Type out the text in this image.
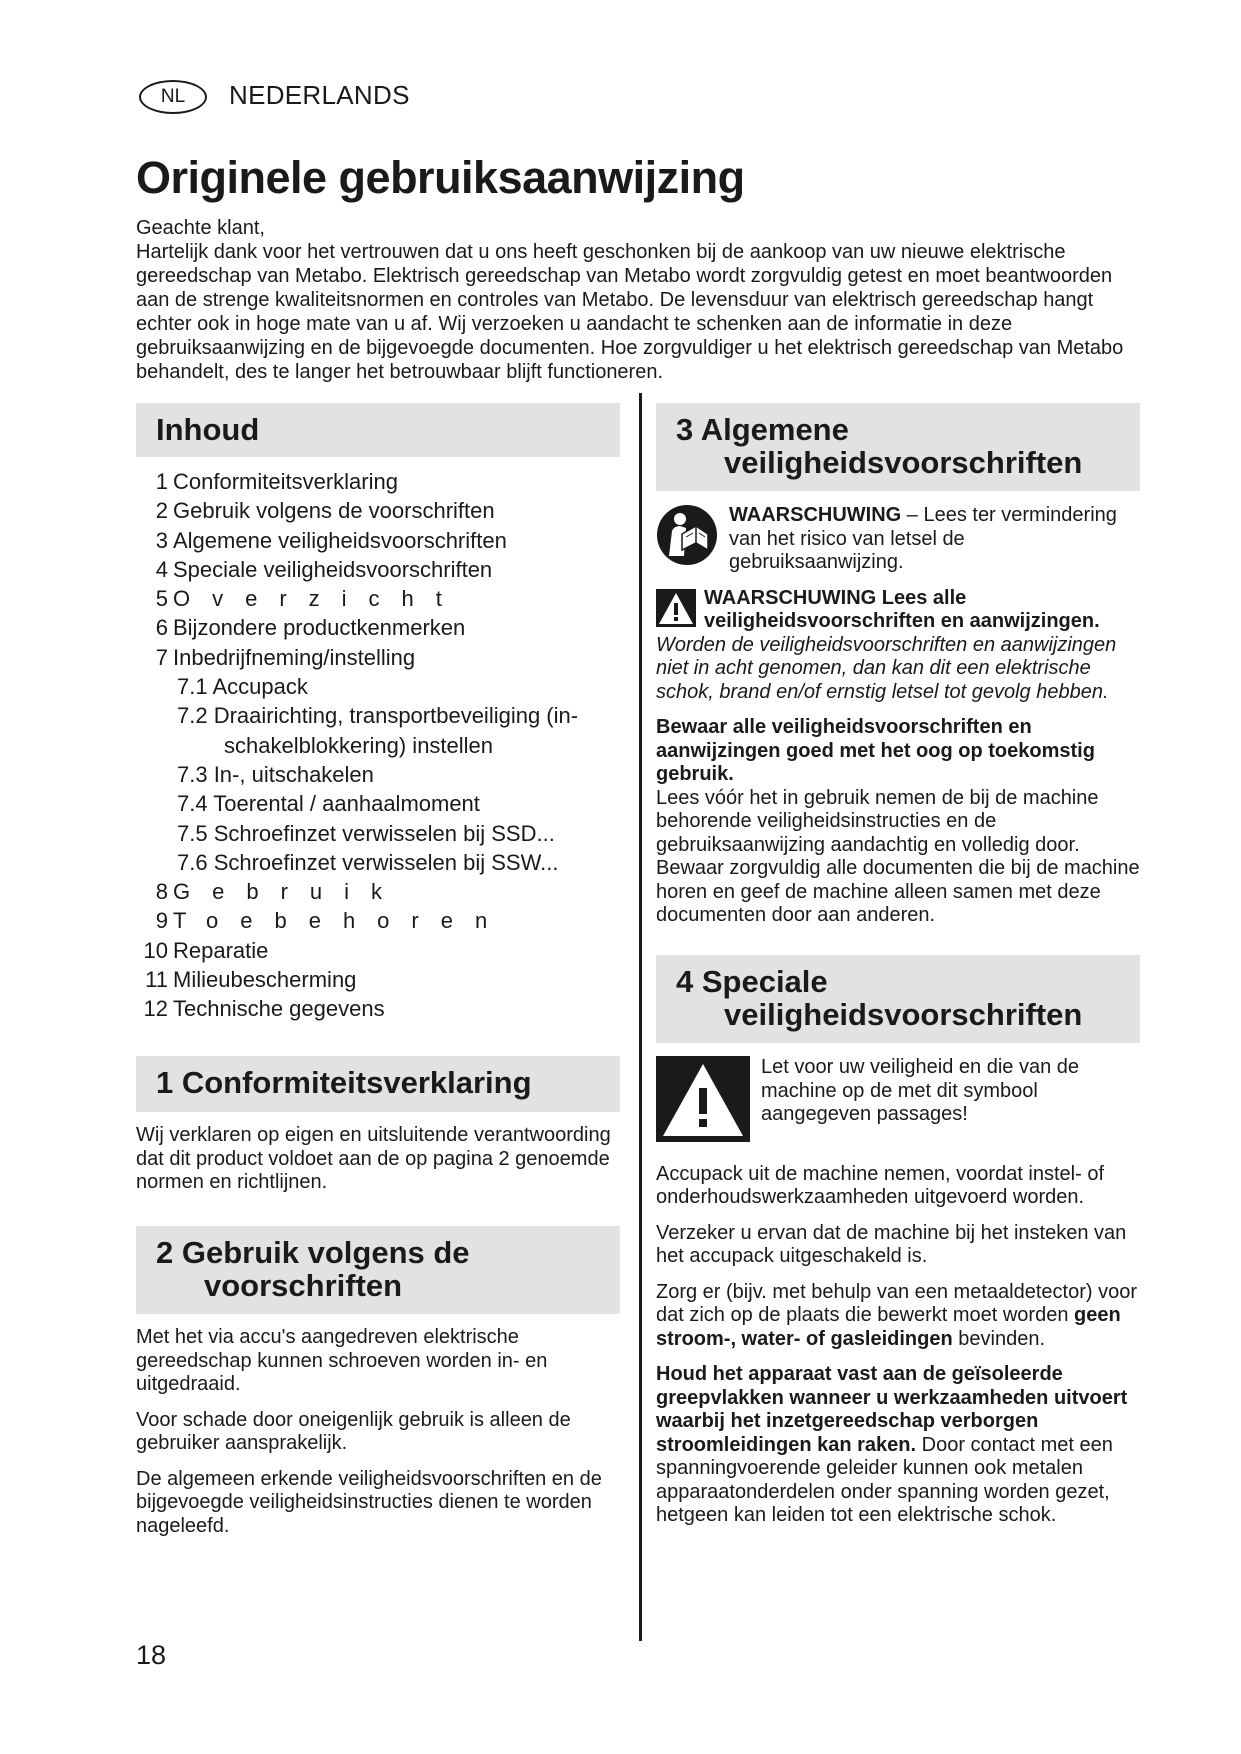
NL	NEDERLANDS
Originele gebruiksaanwijzing

Geachte klant,

Hartelijk dank voor het vertrouwen dat u ons heeft geschonken bij de aankoop van uw nieuwe elektrische gereedschap van Metabo. Elektrisch gereedschap van Metabo wordt zorgvuldig getest en moet beantwoorden aan de strenge kwaliteitsnormen en controles van Metabo. De levensduur van elektrisch gereedschap hangt echter ook in hoge mate van u af. Wij verzoeken u aandacht te schenken aan de informatie in deze gebruiksaanwijzing en de bijgevoegde documenten. Hoe zorgvuldiger u het elektrisch gereedschap van Metabo behandelt, des te langer het betrouwbaar blijft functioneren.

Inhoud
1 Conformiteitsverklaring
2 Gebruik volgens de voorschriften
3 Algemene veiligheidsvoorschriften
4 Speciale veiligheidsvoorschriften
5 Overzicht
6 Bijzondere productkenmerken
7 Inbedrijfneming/instelling
7.1 Accupack
7.2 Draairichting, transportbeveiliging (in-
schakelblokkering) instellen
7.3 In-, uitschakelen
7.4 Toerental / aanhaalmoment
7.5 Schroefinzet verwisselen bij SSD...
7.6 Schroefinzet verwisselen bij SSW...
8 Gebruik
9 Toebehoren
10 Reparatie
11 Milieubescherming
12 Technische gegevens
1 Conformiteitsverklaring
Wij verklaren op eigen en uitsluitende verantwoording dat dit product voldoet aan de op pagina 2 genoemde normen en richtlijnen.
2 Gebruik volgens de
voorschriften

Met het via accu's aangedreven elektrische gereedschap kunnen schroeven worden in- en uitgedraaid.

Voor schade door oneigenlijk gebruik is alleen de gebruiker aansprakelijk.

De algemeen erkende veiligheidsvoorschriften en de bijgevoegde veiligheidsinstructies dienen te worden nageleefd.

3 Algemene
veiligheidsvoorschriften
WAARSCHUWING – Lees ter vermindering van het risico van letsel de gebruiksaanwijzing.
WAARSCHUWING Lees alle veiligheidsvoorschriften en aanwijzingen. Worden de veiligheidsvoorschriften en aanwijzingen niet in acht genomen, dan kan dit een elektrische schok, brand en/of ernstig letsel tot gevolg hebben.
Bewaar alle veiligheidsvoorschriften en aanwijzingen goed met het oog op toekomstig gebruik.
Lees vóór het in gebruik nemen de bij de machine behorende veiligheidsinstructies en de gebruiksaanwijzing aandachtig en volledig door. Bewaar zorgvuldig alle documenten die bij de machine horen en geef de machine alleen samen met deze documenten door aan anderen.
4 Speciale
veiligheidsvoorschriften
Let voor uw veiligheid en die van de machine op de met dit symbool aangegeven passages!

Accupack uit de machine nemen, voordat instel- of onderhoudswerkzaamheden uitgevoerd worden.

Verzeker u ervan dat de machine bij het insteken van het accupack uitgeschakeld is.

Zorg er (bijv. met behulp van een metaaldetector) voor dat zich op de plaats die bewerkt moet worden geen stroom-, water- of gasleidingen bevinden.

Houd het apparaat vast aan de geïsoleerde greepvlakken wanneer u werkzaamheden uitvoert waarbij het inzetgereedschap verborgen stroomleidingen kan raken. Door contact met een spanningvoerende geleider kunnen ook metalen apparaatonderdelen onder spanning worden gezet, hetgeen kan leiden tot een elektrische schok.

18
